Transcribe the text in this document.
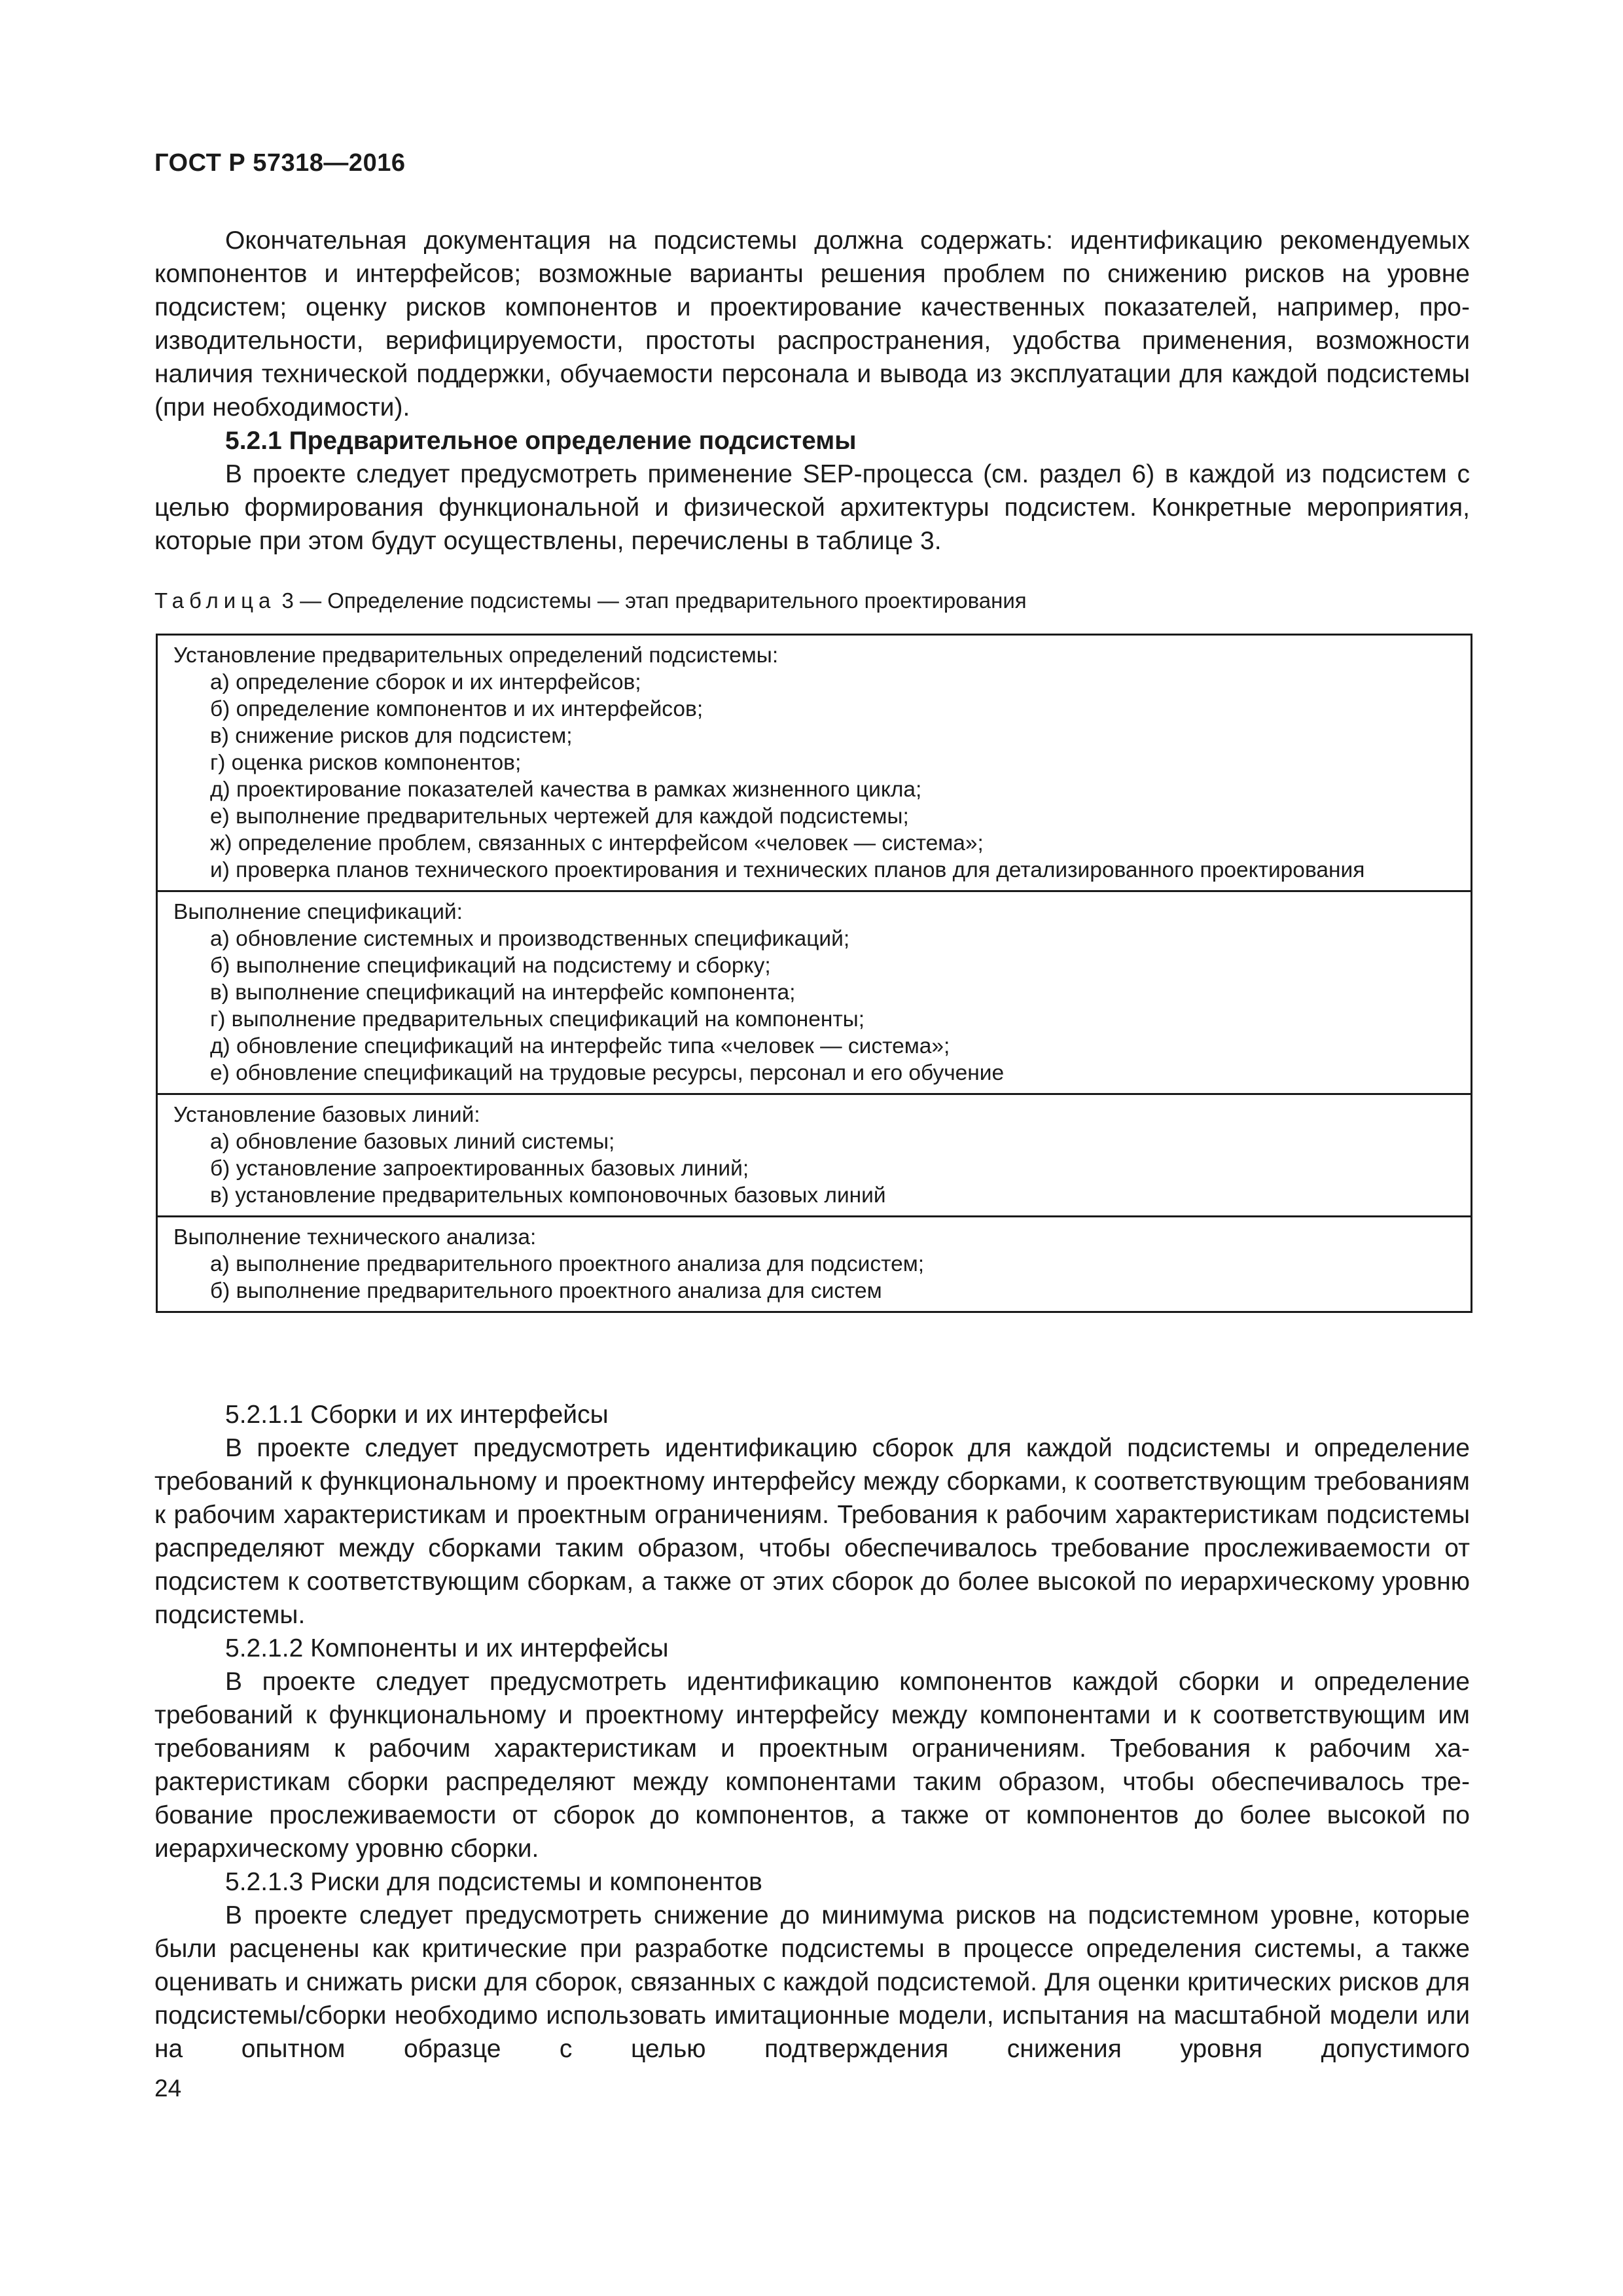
ГОСТ Р 57318—2016

Окончательная документация на подсистемы должна содержать: идентификацию рекомендуемых компонентов и интерфейсов; возможные варианты решения проблем по снижению рисков на уровне подсистем; оценку рисков компонентов и проектирование качественных показателей, например, производительности, верифицируемости, простоты распространения, удобства применения, возможности наличия технической поддержки, обучаемости персонала и вывода из эксплуатации для каждой подсистемы (при необходимости).

5.2.1 Предварительное определение подсистемы

В проекте следует предусмотреть применение SEP-процесса (см. раздел 6) в каждой из подсистем с целью формирования функциональной и физической архитектуры подсистем. Конкретные мероприятия, которые при этом будут осуществлены, перечислены в таблице 3.

Таблица 3 — Определение подсистемы — этап предварительного проектирования
Установление предварительных определений подсистемы:
а) определение сборок и их интерфейсов;
б) определение компонентов и их интерфейсов;
в) снижение рисков для подсистем;
г) оценка рисков компонентов;
д) проектирование показателей качества в рамках жизненного цикла;
е) выполнение предварительных чертежей для каждой подсистемы;
ж) определение проблем, связанных с интерфейсом «человек — система»;
и) проверка планов технического проектирования и технических планов для детализированного проектирования
Выполнение спецификаций:
а) обновление системных и производственных спецификаций;
б) выполнение спецификаций на подсистему и сборку;
в) выполнение спецификаций на интерфейс компонента;
г) выполнение предварительных спецификаций на компоненты;
д) обновление спецификаций на интерфейс типа «человек — система»;
е) обновление спецификаций на трудовые ресурсы, персонал и его обучение
Установление базовых линий:
а) обновление базовых линий системы;
б) установление запроектированных базовых линий;
в) установление предварительных компоновочных базовых линий
Выполнение технического анализа:
а) выполнение предварительного проектного анализа для подсистем;
б) выполнение предварительного проектного анализа для систем

5.2.1.1 Сборки и их интерфейсы

В проекте следует предусмотреть идентификацию сборок для каждой подсистемы и определение требований к функциональному и проектному интерфейсу между сборками, к соответствующим требованиям к рабочим характеристикам и проектным ограничениям. Требования к рабочим характеристикам подсистемы распределяют между сборками таким образом, чтобы обеспечивалось требование прослеживаемости от подсистем к соответствующим сборкам, а также от этих сборок до более высокой по иерархическому уровню подсистемы.

5.2.1.2 Компоненты и их интерфейсы

В проекте следует предусмотреть идентификацию компонентов каждой сборки и определение требований к функциональному и проектному интерфейсу между компонентами и к соответствующим им требованиям к рабочим характеристикам и проектным ограничениям. Требования к рабочим характеристикам сборки распределяют между компонентами таким образом, чтобы обеспечивалось требование прослеживаемости от сборок до компонентов, а также от компонентов до более высокой по иерархическому уровню сборки.

5.2.1.3 Риски для подсистемы и компонентов

В проекте следует предусмотреть снижение до минимума рисков на подсистемном уровне, которые были расценены как критические при разработке подсистемы в процессе определения системы, а также оценивать и снижать риски для сборок, связанных с каждой подсистемой. Для оценки критических рисков для подсистемы/сборки необходимо использовать имитационные модели, испытания на масштабной модели или на опытном образце с целью подтверждения снижения уровня допустимого

24
